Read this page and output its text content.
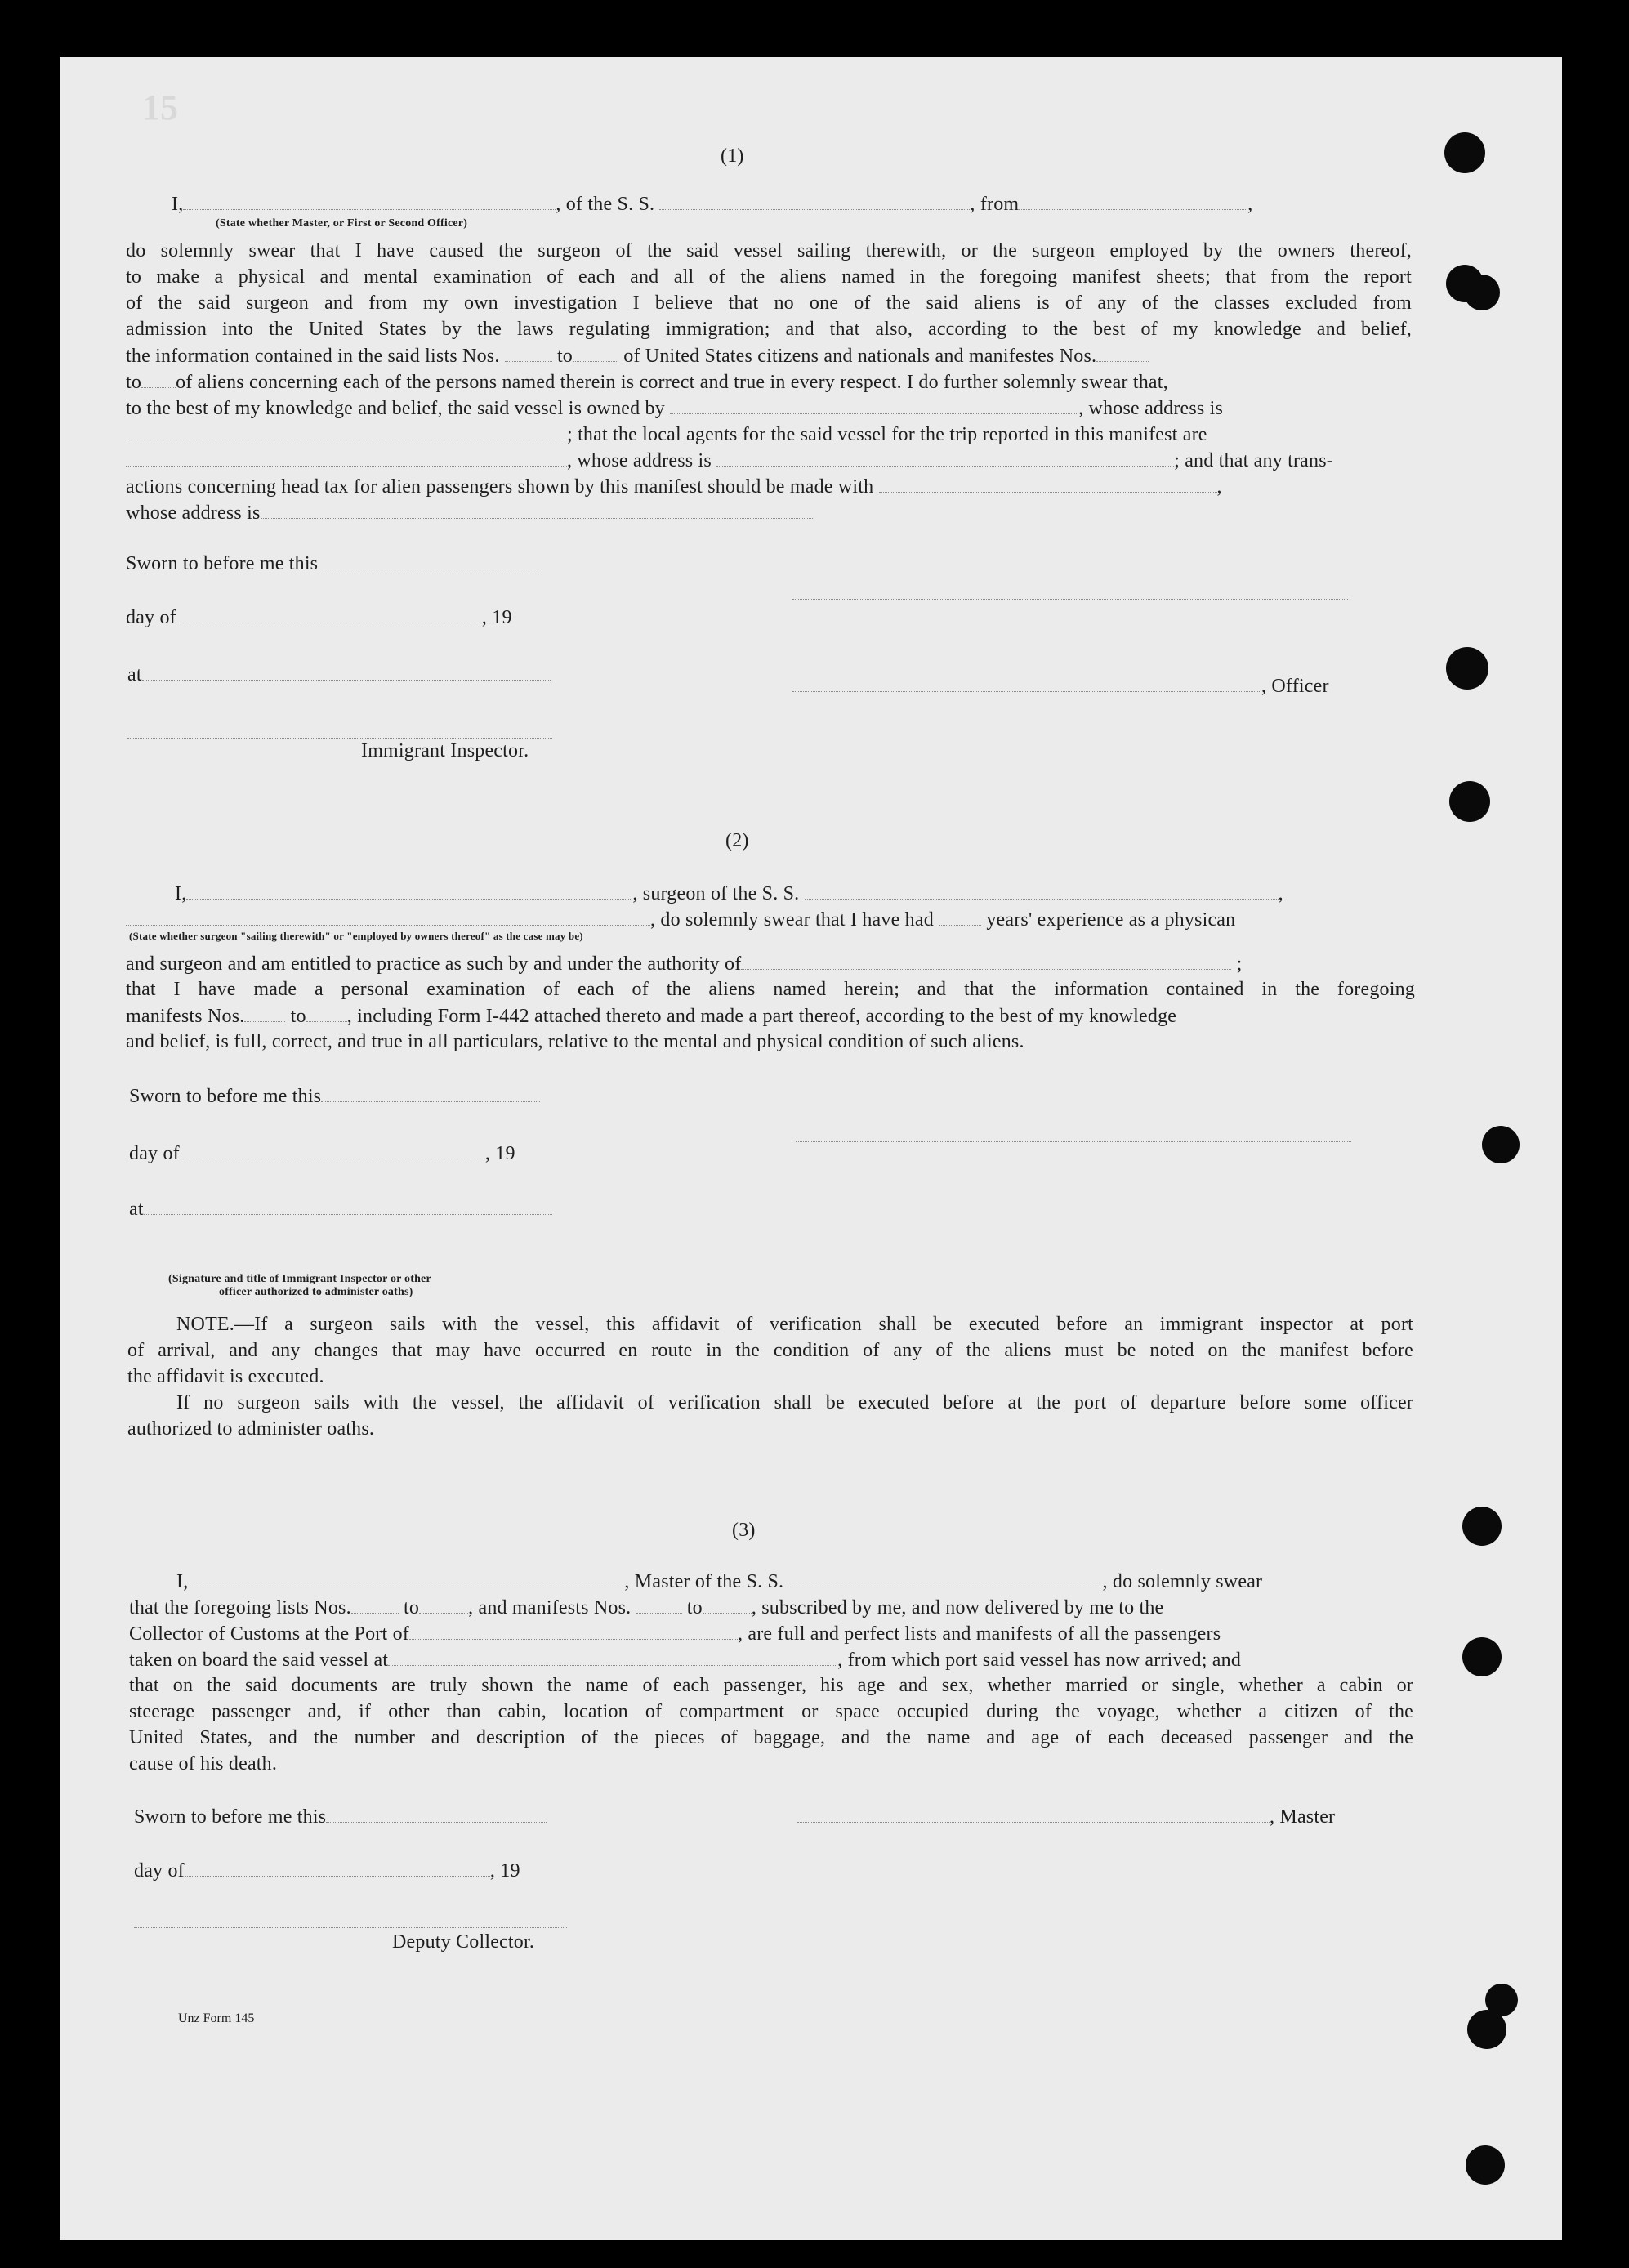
15
(1)
I,	, of the S. S.	, from	,
(State whether Master, or First or Second Officer)
do solemnly swear that I have caused the surgeon of the said vessel sailing therewith, or the surgeon employed by the owners thereof,
to make a physical and mental examination of each and all of the aliens named in the foregoing manifest sheets; that from the report
of the said surgeon and from my own investigation I believe that no one of the said aliens is of any of the classes excluded from
admission into the United States by the laws regulating immigration; and that also, according to the best of my knowledge and belief,
the information contained in the said lists Nos.	to	of United States citizens and nationals and manifestes Nos.
to of aliens concerning each of the persons named therein is correct and true in every respect. I do further solemnly swear that,
to the best of my knowledge and belief, the said vessel is owned by	, whose address is
; that the local agents for the said vessel for the trip reported in this manifest are
, whose address is	; and that any trans-
actions concerning head tax for alien passengers shown by this manifest should be made with	,
whose address is
Sworn to before me this
day of	, 19
at
, Officer
Immigrant Inspector.
(2)
I,	, surgeon of the S. S.	,
, do solemnly swear that I have had	years' experience as a physican
(State whether surgeon "sailing therewith" or "employed by owners thereof" as the case may be)
and surgeon and am entitled to practice as such by and under the authority of	;
that I have made a personal examination of each of the aliens named herein; and that the information contained in the foregoing
manifests Nos. to , including Form I-442 attached thereto and made a part thereof, according to the best of my knowledge
and belief, is full, correct, and true in all particulars, relative to the mental and physical condition of such aliens.
Sworn to before me this
day of	, 19
at
(Signature and title of Immigrant Inspector or other
officer authorized to administer oaths)
NOTE.—If a surgeon sails with the vessel, this affidavit of verification shall be executed before an immigrant inspector at port
of arrival, and any changes that may have occurred en route in the condition of any of the aliens must be noted on the manifest before
the affidavit is executed.
If no surgeon sails with the vessel, the affidavit of verification shall be executed before at the port of departure before some officer
authorized to administer oaths.
(3)
I,	, Master of the S. S.	, do solemnly swear
that the foregoing lists Nos.	to	, and manifests Nos.	to	, subscribed by me, and now delivered by me to the
Collector of Customs at the Port of	, are full and perfect lists and manifests of all the passengers
taken on board the said vessel at	, from which port said vessel has now arrived; and
that on the said documents are truly shown the name of each passenger, his age and sex, whether married or single, whether a cabin or
steerage passenger and, if other than cabin, location of compartment or space occupied during the voyage, whether a citizen of the
United States, and the number and description of the pieces of baggage, and the name and age of each deceased passenger and the
cause of his death.
Sworn to before me this	, Master
day of	, 19
Deputy Collector.
Unz Form 145
